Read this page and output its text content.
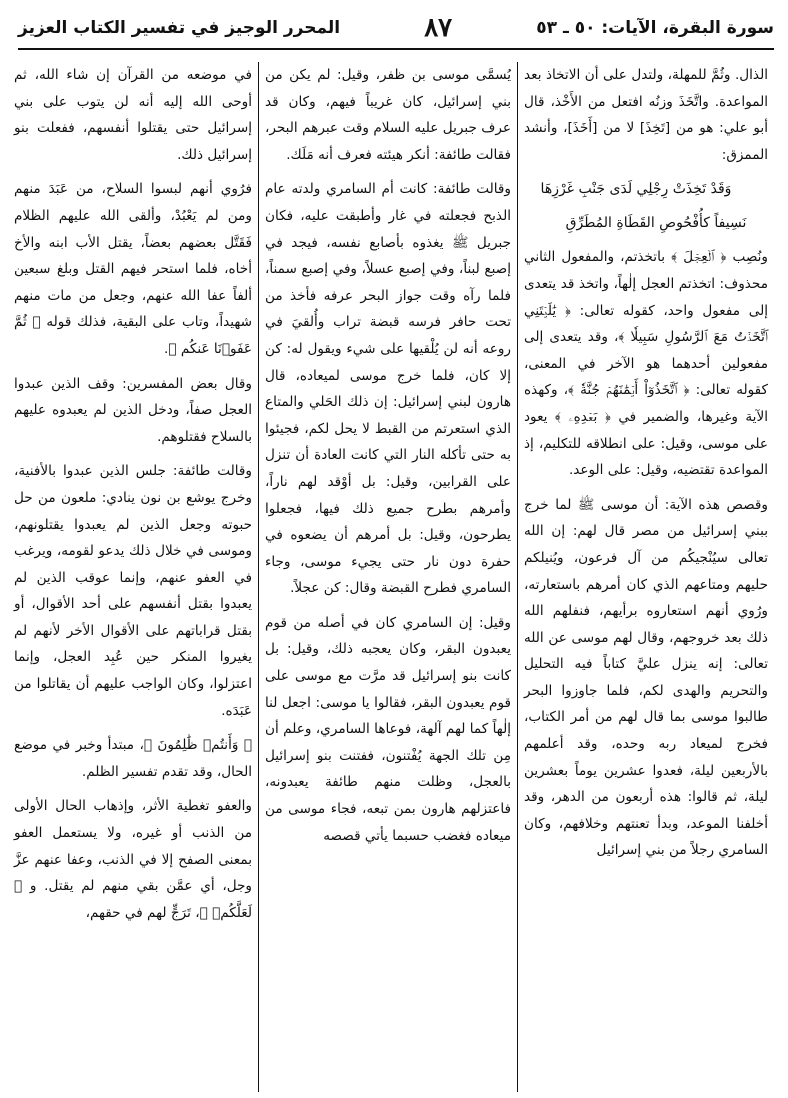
سورة البقرة، الآيات: ٥٠ ـ ٥٣
٨٧
المحرر الوجيز في تفسير الكتاب العزيز

الذال. وثُمَّ للمهلة، ولتدل على أن الاتخاذ بعد المواعدة. واتَّخَذَ وزنُه افتعل من الأَخْذ، قال أبو علي: هو من [تَخِذَ] لا من [أَخَذَ]، وأنشد الممزق:

وَقَدْ تَخِذَتْ رِجْلِي لَدَى جَنْبِ غَرْزِهَا

نَسِيفاً كأُفْحُوصِ القَطَاةِ المُطَرِّقِ

ونُصِب ﴿ ٱلۡعِجۡلَ ﴾ باتخذتم، والمفعول الثاني محذوف: اتخذتم العجل إلٰهاً، واتخذ قد يتعدى إلى مفعول واحد، كقوله تعالى: ﴿ يَٰلَيۡتَنِي ٱتَّخَذۡتُ مَعَ ٱلرَّسُولِ سَبِيلٗا ﴾، وقد يتعدى إلى مفعولين أحدهما هو الآخر في المعنى، كقوله تعالى: ﴿ ٱتَّخَذُوٓاْ أَيۡمَٰنَهُمۡ جُنَّةٗ ﴾، وكهذه الآية وغيرها، والضمير في ﴿ بَعۡدِهِۦ ﴾ يعود على موسى، وقيل: على انطلاقه للتكليم، إذ المواعدة تقتضيه، وقيل: على الوعد.

وقصص هذه الآية: أن موسى ﷺ لما خرج ببني إسرائيل من مصر قال لهم: إن الله تعالى سيُنْجيكُم من آل فرعون، ويُنيلكم حليهم ومتاعهم الذي كان أمرهم باستعارته، ورُوي أنهم استعاروه برأيهم، فنفلهم الله ذلك بعد خروجهم، وقال لهم موسى عن الله تعالى: إنه ينزل عليَّ كتاباً فيه التحليل والتحريم والهدى لكم، فلما جاوزوا البحر طالبوا موسى بما قال لهم من أمر الكتاب، فخرج لميعاد ربه وحده، وقد أعلمهم بالأربعين ليلة، فعدوا عشرين يوماً بعشرين ليلة، ثم قالوا: هذه أربعون من الدهر، وقد أخلفنا الموعد، وبدأ تعنتهم وخلافهم، وكان السامري رجلاً من بني إسرائيل

يُسمَّى موسى بن ظفر، وقيل: لم يكن من بني إسرائيل، كان غريباً فيهم، وكان قد عرف جبريل عليه السلام وقت عبرهم البحر، فقالت طائفة: أنكر هيئته فعرف أنه مَلَك.

وقالت طائفة: كانت أم السامري ولدته عام الذبح فجعلته في غار وأطبقت عليه، فكان جبريل ﷺ يغذوه بأصابع نفسه، فيجد في إصبع لبناً، وفي إصبع عسلاً، وفي إصبع سمناً، فلما رآه وقت جواز البحر عرفه فأخذ من تحت حافر فرسه قبضة تراب وأُلقيَ في روعه أنه لن يُلْقيها على شيء ويقول له: كن إلا كان، فلما خرج موسى لميعاده، قال هارون لبني إسرائيل: إن ذلك الحَلي والمتاع الذي استعرتم من القبط لا يحل لكم، فجيئوا به حتى تأكله النار التي كانت العادة أن تنزل على القرابين، وقيل: بل أوْقد لهم ناراً، وأمرهم بطرح جميع ذلك فيها، فجعلوا يطرحون، وقيل: بل أمرهم أن يضعوه في حفرة دون نار حتى يجيء موسى، وجاء السامري فطرح القبضة وقال: كن عجلاً.

وقيل: إن السامري كان في أصله من قوم يعبدون البقر، وكان يعجبه ذلك، وقيل: بل كانت بنو إسرائيل قد مرَّت مع موسى على قوم يعبدون البقر، فقالوا يا موسى: اجعل لنا إلٰهاً كما لهم آلهة، فوعاها السامري، وعلم أن مِن تلك الجهة يُفْتنون، ففتنت بنو إسرائيل بالعجل، وظلت منهم طائفة يعبدونه، فاعتزلهم هارون بمن تبعه، فجاء موسى من ميعاده فغضب حسبما يأتي قصصه

في موضعه من القرآن إن شاء الله، ثم أوحى الله إليه أنه لن يتوب على بني إسرائيل حتى يقتلوا أنفسهم، ففعلت بنو إسرائيل ذلك.

فرُوي أنهم لبسوا السلاح، من عَبَدَ منهم ومن لم يَعْبُدْ، وألقى الله عليهم الظلام فَقَتَّل بعضهم بعضاً، يقتل الأب ابنه والأخ أخاه، فلما استحر فيهم القتل وبلغ سبعين ألفاً عفا الله عنهم، وجعل من مات منهم شهيداً، وتاب على البقية، فذلك قوله ﴿ ثُمَّ عَفَوۡنَا عَنكُم ﴾.

وقال بعض المفسرين: وقف الذين عبدوا العجل صفاً، ودخل الذين لم يعبدوه عليهم بالسلاح فقتلوهم.

وقالت طائفة: جلس الذين عبدوا بالأفنية، وخرج يوشع بن نون ينادي: ملعون من حل حبوته وجعل الذين لم يعبدوا يقتلونهم، وموسى في خلال ذلك يدعو لقومه، ويرغب في العفو عنهم، وإنما عوقب الذين لم يعبدوا بقتل أنفسهم على أحد الأقوال، أو بقتل قراباتهم على الأقوال الأخر لأنهم لم يغيروا المنكر حين عُبِد العجل، وإنما اعتزلوا، وكان الواجب عليهم أن يقاتلوا من عَبَدَه.

﴿ وَأَنتُمۡ ظَٰلِمُونَ ﴾، مبتدأ وخبر في موضع الحال، وقد تقدم تفسير الظلم.

والعفو تغطية الأثر، وإذهاب الحال الأولى من الذنب أو غيره، ولا يستعمل العفو بمعنى الصفح إلا في الذنب، وعفا عنهم عزَّ وجل، أي عمَّن بقي منهم لم يقتل. و ﴿ لَعَلَّكُمۡ ﴾، تَرَجٍّ لهم في حقهم،
